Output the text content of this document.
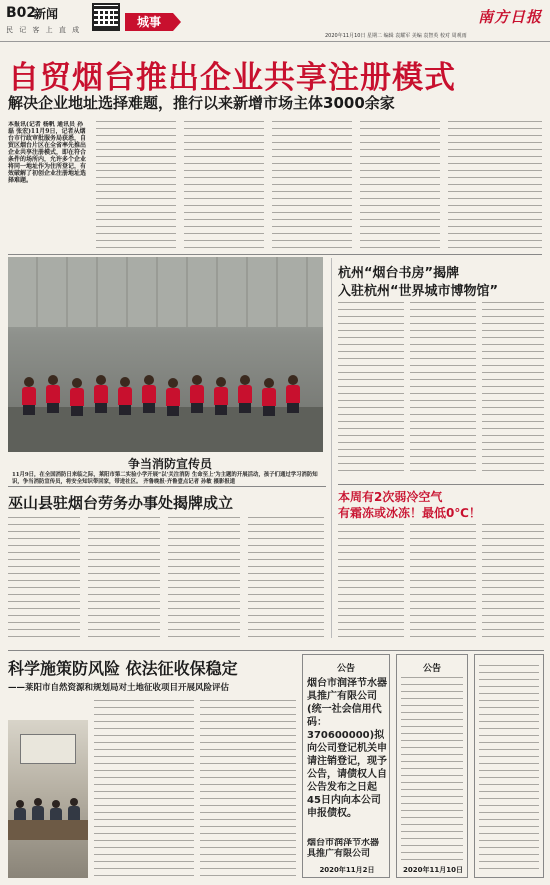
B02
新闻
民 记 客 上 直 成
城事
2020年11月10日 星期二 编辑 袁耀军 美编 袁智英 校对 周观雨
南方日报
自贸烟台推出企业共享注册模式
解决企业地址选择难题，推行以来新增市场主体3000余家
本报讯(记者 杨帆 通讯员 孙磊 张宏)11月9日，记者从烟台市行政审批服务局获悉，自贸区烟台片区在全省率先推出企业共享注册模式，即在符合条件的场所内，允许多个企业将同一地址作为住所登记，有效破解了初创企业注册地址选择难题。
争当消防宣传员
11月9日，在全国消防日来临之际，莱阳市第二实验小学开展“以‘关注消防 生命至上’为主题的开展活动，孩子们通过学习消防知识，争当消防宣传员，将安全知识带回家，带进社区。 齐鲁晚报·齐鲁壹点记者 孙敏 摄影报道
杭州“烟台书房”揭牌
入驻杭州“世界城市博物馆”
巫山县驻烟台劳务办事处揭牌成立	本周有2次弱冷空气
有霜冻或冰冻！最低0℃！
科学施策防风险 依法征收保稳定
——莱阳市自然资源和规划局对土地征收项目开展风险评估
公告
烟台市润泽节水器具推广有限公司(统一社会信用代码：370600000)拟向公司登记机关申请注销登记，现予公告，请债权人自公告发布之日起45日内向本公司申报债权。
烟台市润泽节水器具推广有限公司
2020年11月2日
公告
2020年11月10日
